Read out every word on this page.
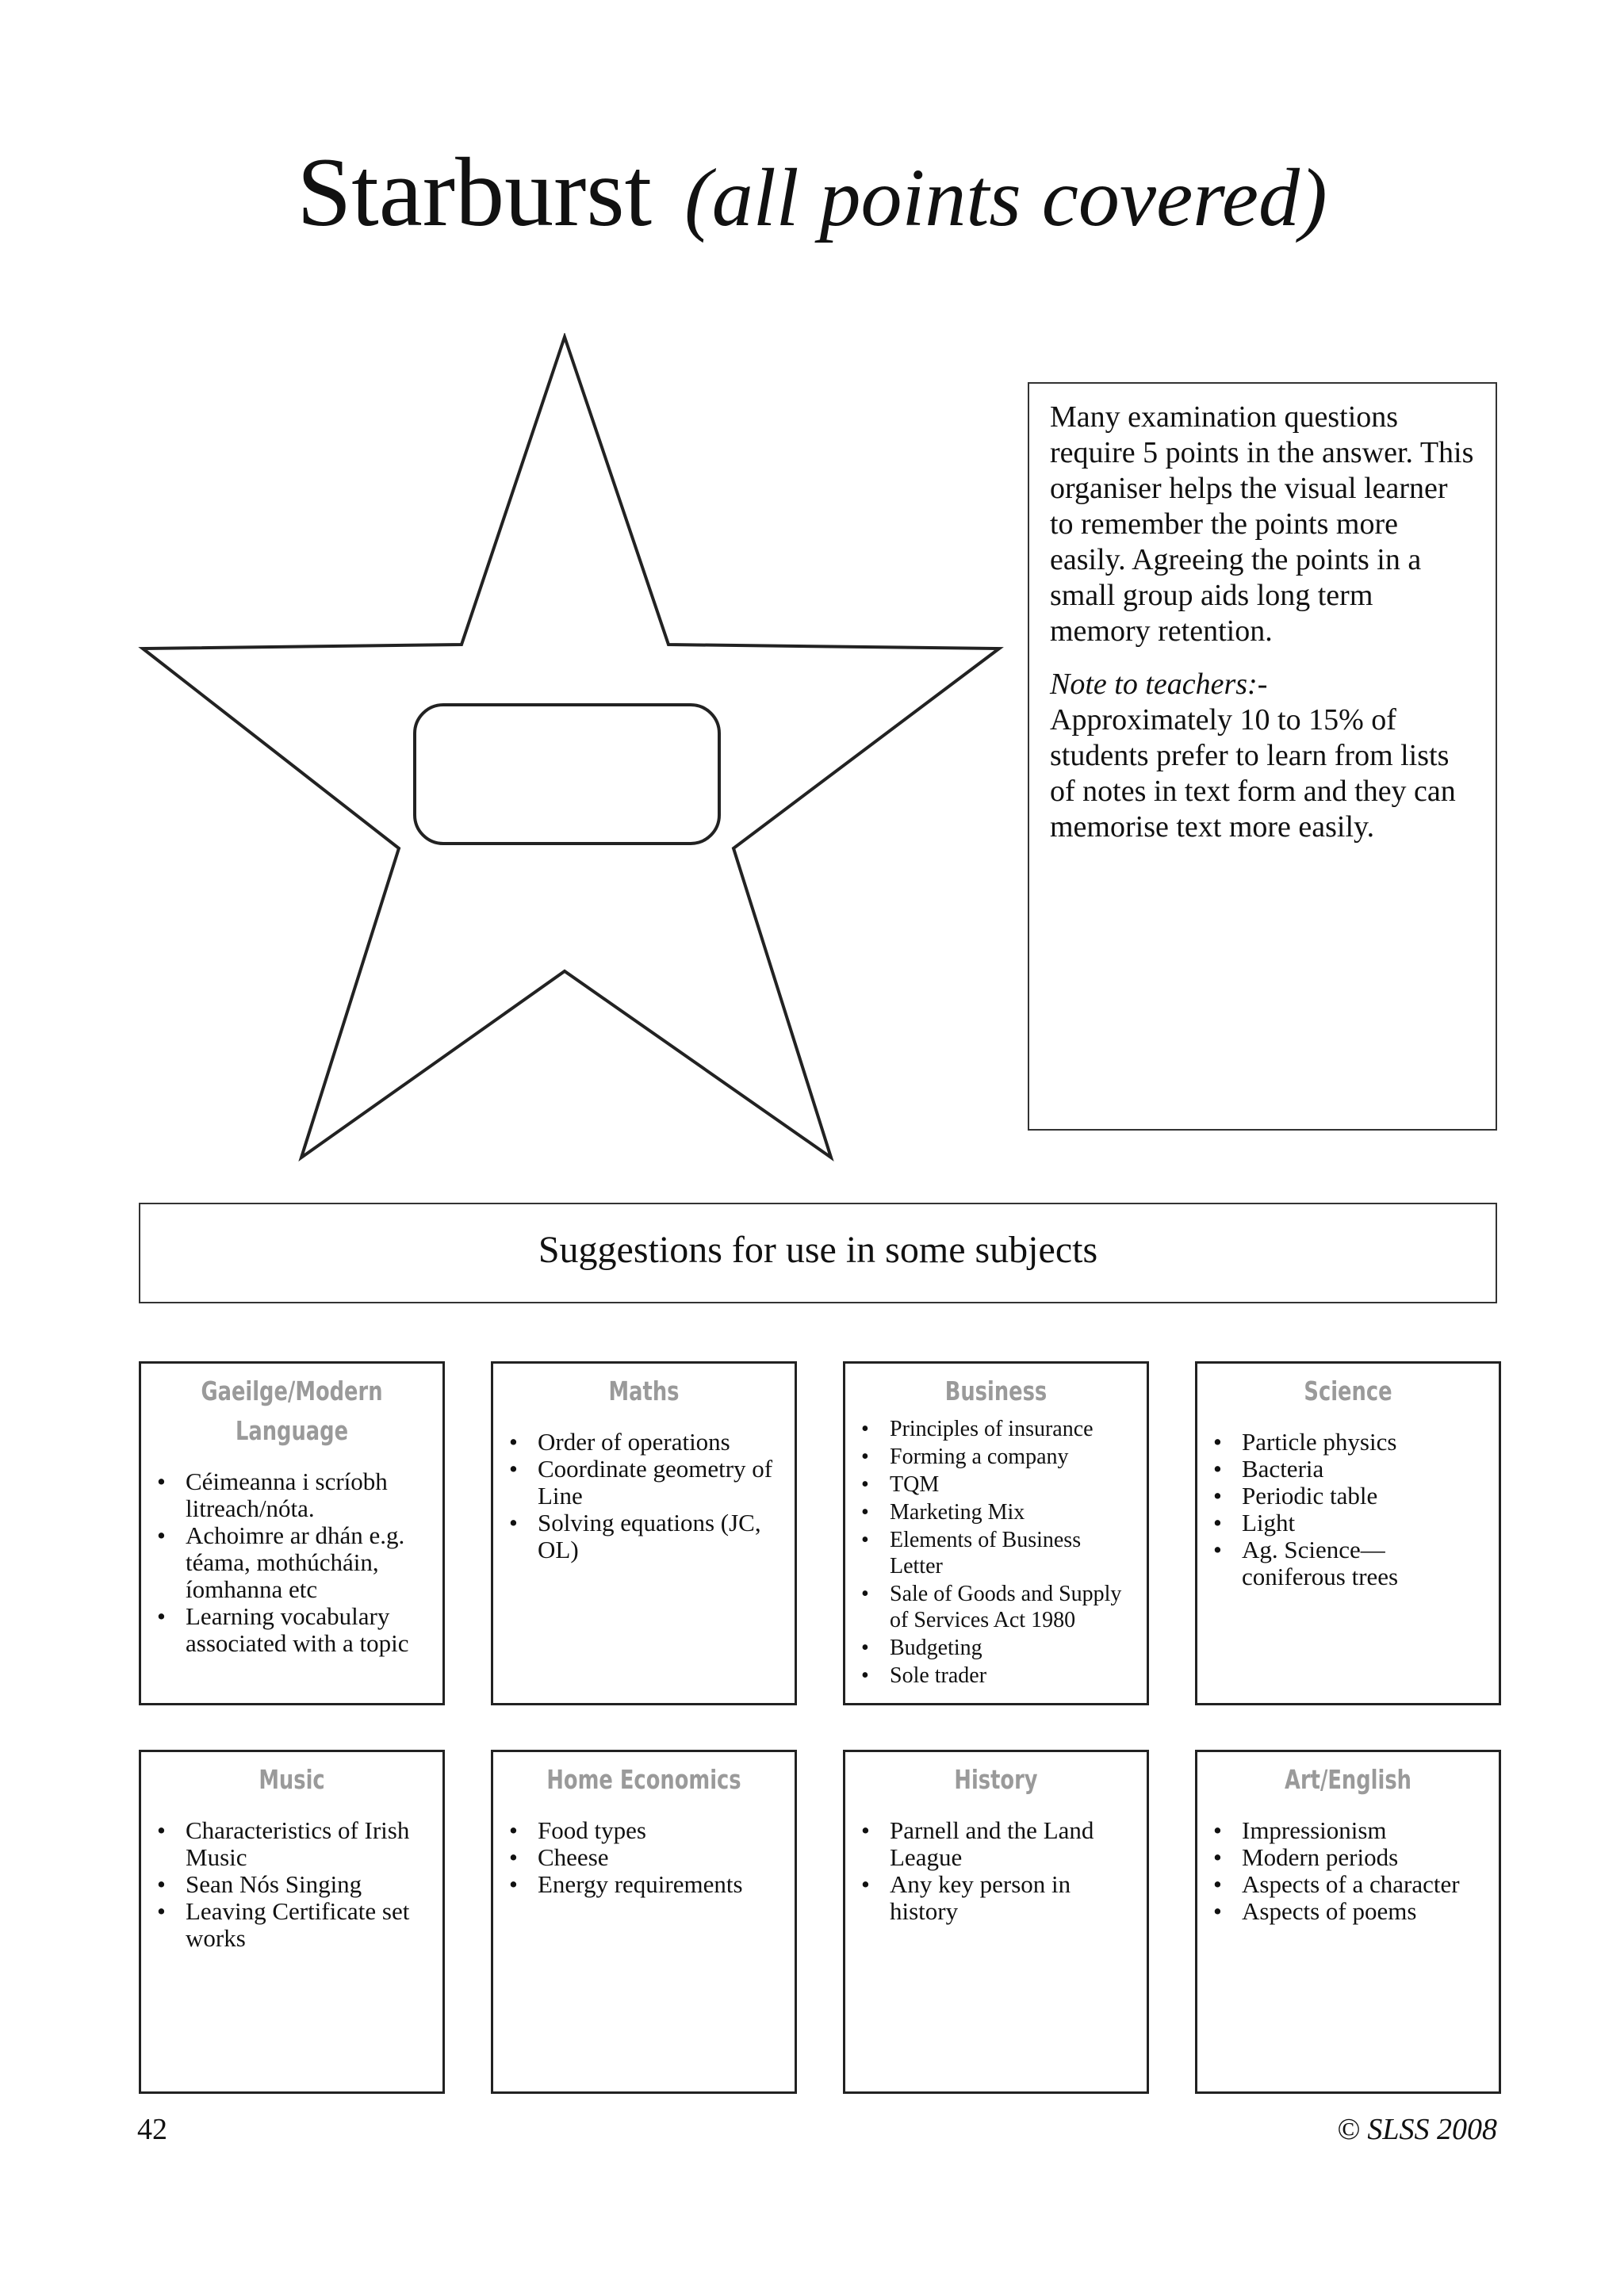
Starburst (all points covered)

Many examination questions require 5 points in the answer. This organiser helps the visual learner to remember the points more easily. Agreeing the points in a small group aids long term memory retention.

Note to teachers:-
Approximately 10 to 15% of students prefer to learn from lists of notes in text form and they can memorise text more easily.

Suggestions for use in some subjects
Gaeilge/Modern Language
• Céimeanna i scríobh litreach/nóta.
• Achoimre ar dhán e.g. téama, mothúcháin, íomhanna etc
• Learning vocabulary associated with a topic
Maths
• Order of operations
• Coordinate geometry of Line
• Solving equations (JC, OL)
Business
• Principles of insurance
• Forming a company
• TQM
• Marketing Mix
• Elements of Business Letter
• Sale of Goods and Supply of Services Act 1980
• Budgeting
• Sole trader
Science
• Particle physics
• Bacteria
• Periodic table
• Light
• Ag. Science—coniferous trees
Music
• Characteristics of Irish Music
• Sean Nós Singing
• Leaving Certificate set works
Home Economics
• Food types
• Cheese
• Energy requirements
History
• Parnell and the Land League
• Any key person in history
Art/English
• Impressionism
• Modern periods
• Aspects of a character
• Aspects of poems
42	© SLSS 2008
